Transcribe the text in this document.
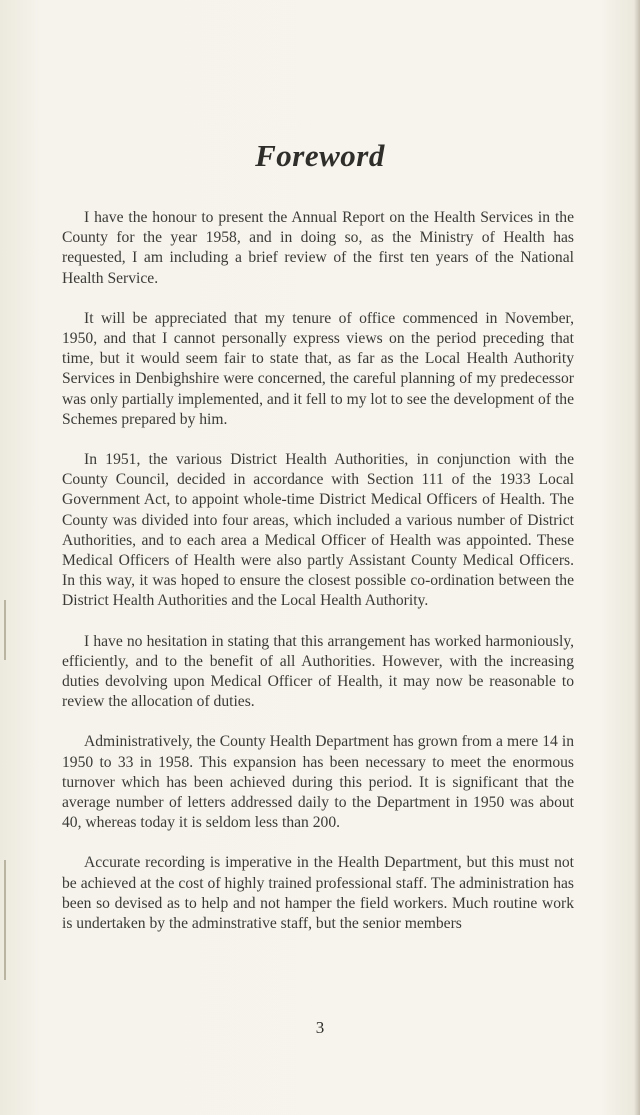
Foreword

I have the honour to present the Annual Report on the Health Services in the County for the year 1958, and in doing so, as the Ministry of Health has requested, I am including a brief review of the first ten years of the National Health Service.

It will be appreciated that my tenure of office commenced in November, 1950, and that I cannot personally express views on the period preceding that time, but it would seem fair to state that, as far as the Local Health Authority Services in Denbighshire were concerned, the careful planning of my predecessor was only partially implemented, and it fell to my lot to see the development of the Schemes prepared by him.

In 1951, the various District Health Authorities, in conjunction with the County Council, decided in accordance with Section 111 of the 1933 Local Government Act, to appoint whole-time District Medical Officers of Health. The County was divided into four areas, which included a various number of District Authorities, and to each area a Medical Officer of Health was appointed. These Medical Officers of Health were also partly Assistant County Medical Officers. In this way, it was hoped to ensure the closest possible co-ordination between the District Health Authorities and the Local Health Authority.

I have no hesitation in stating that this arrangement has worked harmoniously, efficiently, and to the benefit of all Authorities. However, with the increasing duties devolving upon Medical Officer of Health, it may now be reasonable to review the allocation of duties.

Administratively, the County Health Department has grown from a mere 14 in 1950 to 33 in 1958. This expansion has been necessary to meet the enormous turnover which has been achieved during this period. It is significant that the average number of letters addressed daily to the Department in 1950 was about 40, whereas today it is seldom less than 200.

Accurate recording is imperative in the Health Department, but this must not be achieved at the cost of highly trained professional staff. The administration has been so devised as to help and not hamper the field workers. Much routine work is undertaken by the adminstrative staff, but the senior members

3
